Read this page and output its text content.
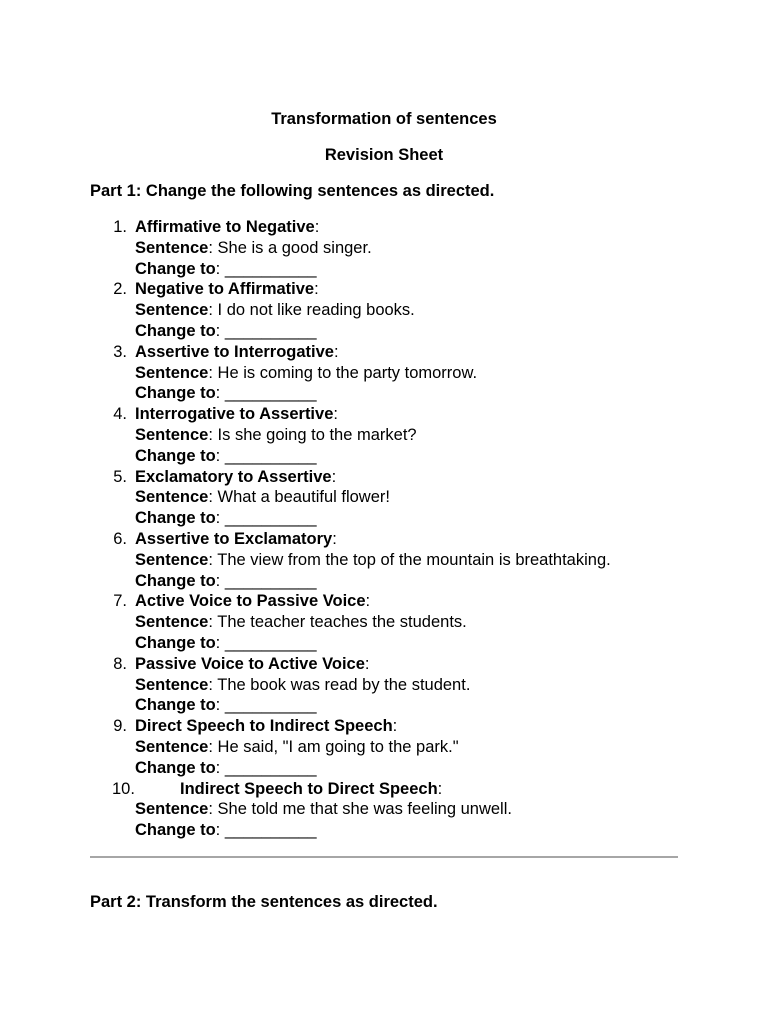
Transformation of sentences
Revision Sheet
Part 1: Change the following sentences as directed.
1. Affirmative to Negative:
Sentence: She is a good singer.
Change to: __________
2. Negative to Affirmative:
Sentence: I do not like reading books.
Change to: __________
3. Assertive to Interrogative:
Sentence: He is coming to the party tomorrow.
Change to: __________
4. Interrogative to Assertive:
Sentence: Is she going to the market?
Change to: __________
5. Exclamatory to Assertive:
Sentence: What a beautiful flower!
Change to: __________
6. Assertive to Exclamatory:
Sentence: The view from the top of the mountain is breathtaking.
Change to: __________
7. Active Voice to Passive Voice:
Sentence: The teacher teaches the students.
Change to: __________
8. Passive Voice to Active Voice:
Sentence: The book was read by the student.
Change to: __________
9. Direct Speech to Indirect Speech:
Sentence: He said, "I am going to the park."
Change to: __________
10.	Indirect Speech to Direct Speech:
Sentence: She told me that she was feeling unwell.
Change to: __________
Part 2: Transform the sentences as directed.
